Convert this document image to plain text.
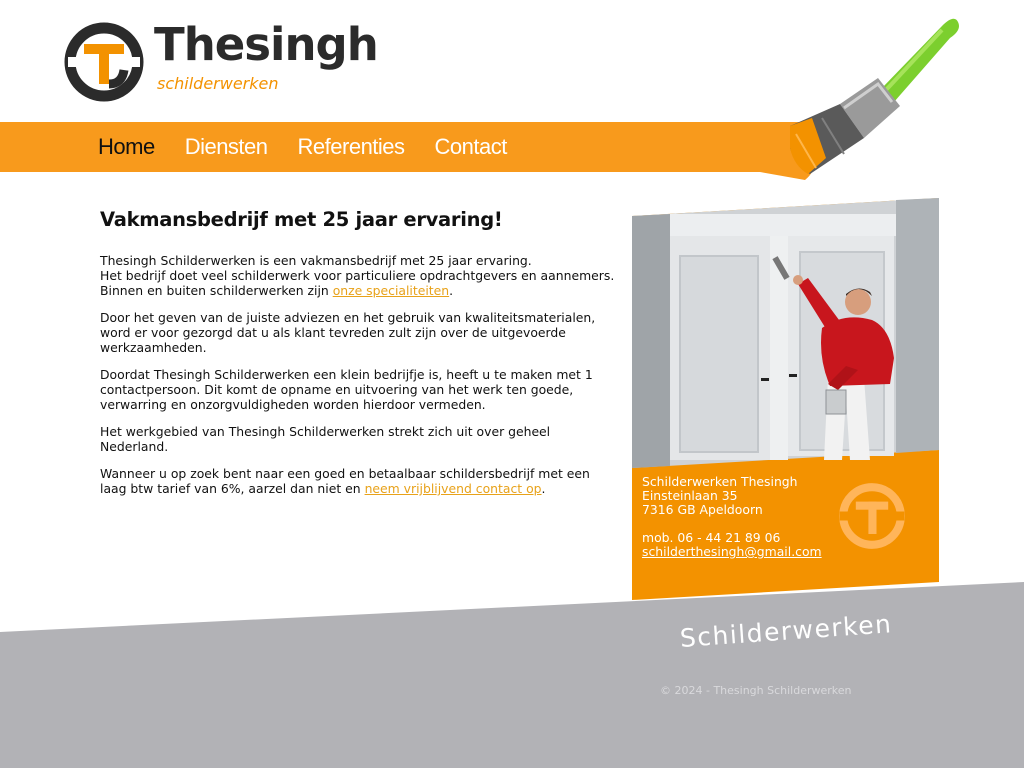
Thesingh
schilderwerken
Home Diensten Referenties Contact
Vakmansbedrijf met 25 jaar ervaring!

Thesingh Schilderwerken is een vakmansbedrijf met 25 jaar ervaring.
Het bedrijf doet veel schilderwerk voor particuliere opdrachtgevers en aannemers.
Binnen en buiten schilderwerken zijn onze specialiteiten.

Door het geven van de juiste adviezen en het gebruik van kwaliteitsmaterialen, word er voor gezorgd dat u als klant tevreden zult zijn over de uitgevoerde werkzaamheden.

Doordat Thesingh Schilderwerken een klein bedrijfje is, heeft u te maken met 1 contactpersoon. Dit komt de opname en uitvoering van het werk ten goede, verwarring en onzorgvuldigheden worden hierdoor vermeden.

Het werkgebied van Thesingh Schilderwerken strekt zich uit over geheel Nederland.

Wanneer u op zoek bent naar een goed en betaalbaar schildersbedrijf met een laag btw tarief van 6%, aarzel dan niet en neem vrijblijvend contact op.	Schilderwerken Thesingh
Einsteinlaan 35
7316 GB Apeldoorn
mob. 06 - 44 21 89 06
schilderthesingh@gmail.com
Schilderwerken
© 2024 - Thesingh Schilderwerken
